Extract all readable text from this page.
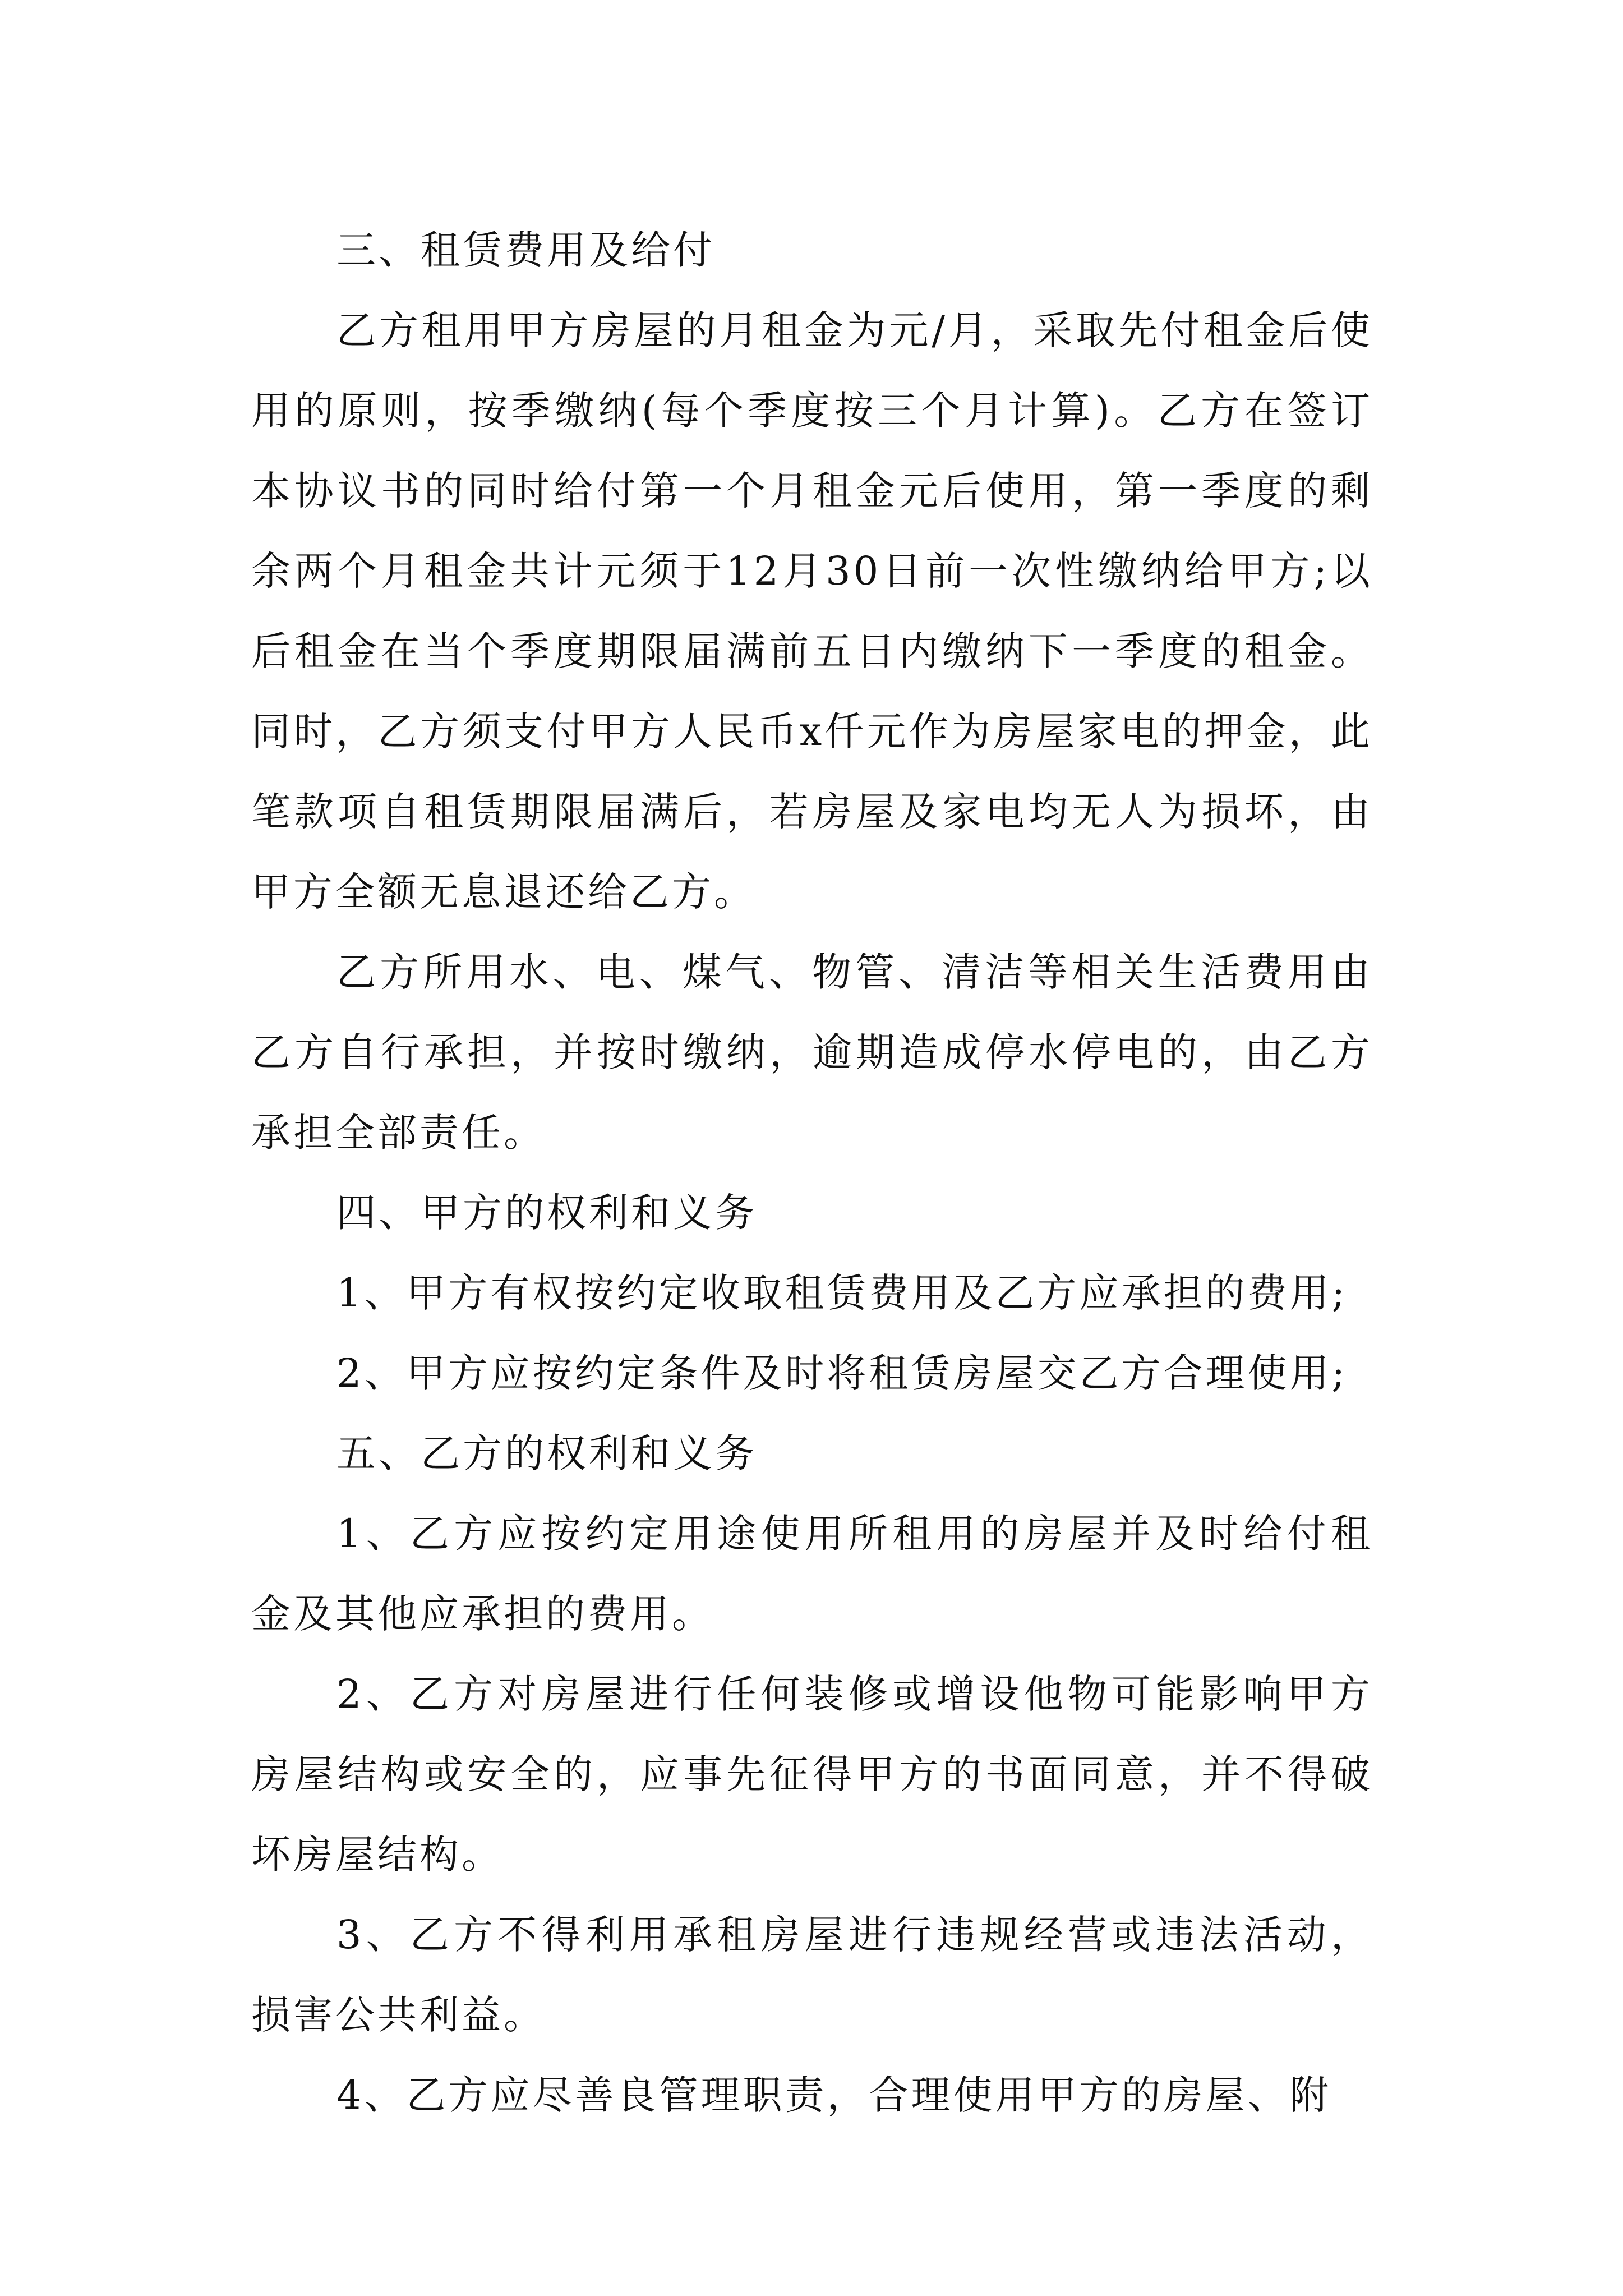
三、租赁费用及给付

乙方租用甲方房屋的月租金为元/月，采取先付租金后使用的原则，按季缴纳(每个季度按三个月计算)。乙方在签订本协议书的同时给付第一个月租金元后使用，第一季度的剩余两个月租金共计元须于12月30日前一次性缴纳给甲方;以后租金在当个季度期限届满前五日内缴纳下一季度的租金。同时，乙方须支付甲方人民币x仟元作为房屋家电的押金，此笔款项自租赁期限届满后，若房屋及家电均无人为损坏，由甲方全额无息退还给乙方。

乙方所用水、电、煤气、物管、清洁等相关生活费用由乙方自行承担，并按时缴纳，逾期造成停水停电的，由乙方承担全部责任。

四、甲方的权利和义务

1、甲方有权按约定收取租赁费用及乙方应承担的费用;

2、甲方应按约定条件及时将租赁房屋交乙方合理使用;

五、乙方的权利和义务

1、乙方应按约定用途使用所租用的房屋并及时给付租金及其他应承担的费用。

2、乙方对房屋进行任何装修或增设他物可能影响甲方房屋结构或安全的，应事先征得甲方的书面同意，并不得破坏房屋结构。

3、乙方不得利用承租房屋进行违规经营或违法活动，损害公共利益。

4、乙方应尽善良管理职责，合理使用甲方的房屋、附
